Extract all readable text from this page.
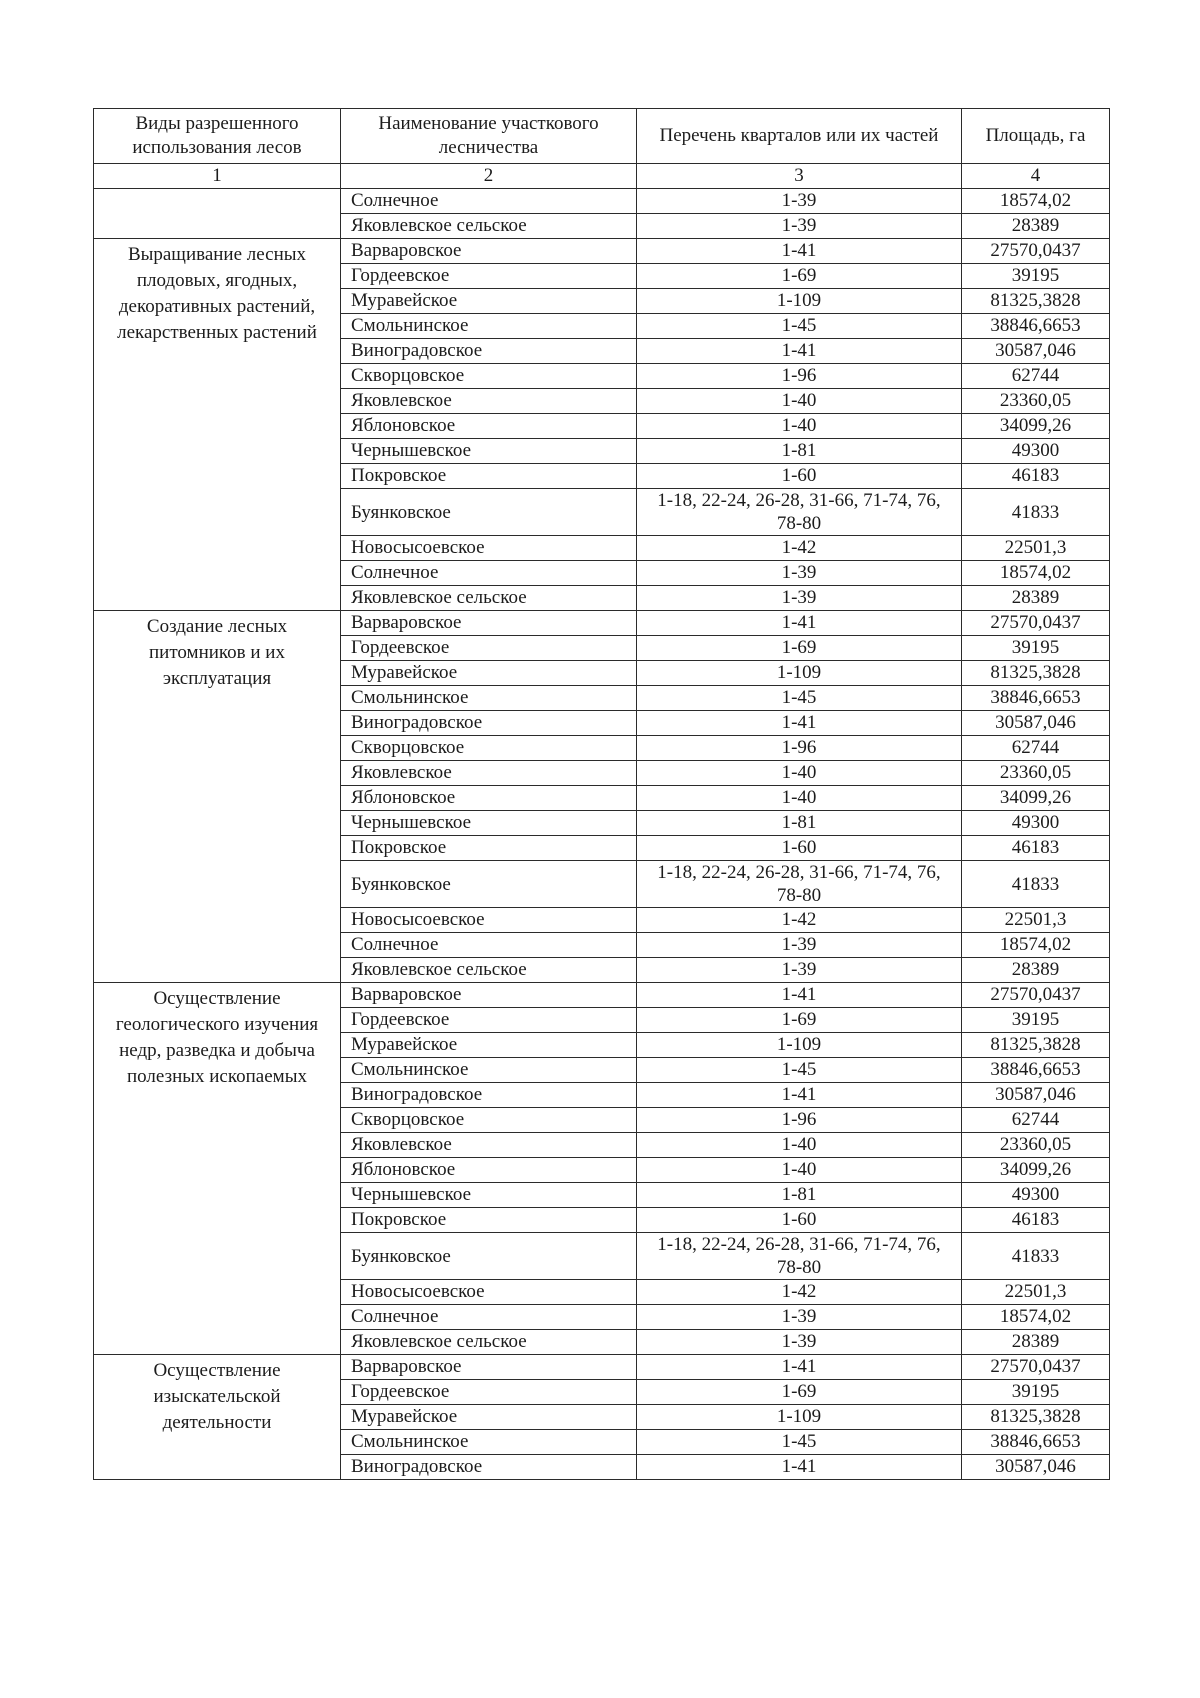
Виды разрешенного использования лесов	Наименование участкового лесничества	Перечень кварталов или их частей	Площадь, га
1	2	3	4
	Солнечное	1-39	18574,02
	Яковлевское сельское	1-39	28389
Выращивание лесных плодовых, ягодных, декоративных растений, лекарственных растений	Варваровское	1-41	27570,0437
	Гордеевское	1-69	39195
	Муравейское	1-109	81325,3828
	Смольнинское	1-45	38846,6653
	Виноградовское	1-41	30587,046
	Скворцовское	1-96	62744
	Яковлевское	1-40	23360,05
	Яблоновское	1-40	34099,26
	Чернышевское	1-81	49300
	Покровское	1-60	46183
	Буянковское	1-18, 22-24, 26-28, 31-66, 71-74, 76, 78-80	41833
	Новосысоевское	1-42	22501,3
	Солнечное	1-39	18574,02
	Яковлевское сельское	1-39	28389
Создание лесных питомников и их эксплуатация	Варваровское	1-41	27570,0437
	Гордеевское	1-69	39195
	Муравейское	1-109	81325,3828
	Смольнинское	1-45	38846,6653
	Виноградовское	1-41	30587,046
	Скворцовское	1-96	62744
	Яковлевское	1-40	23360,05
	Яблоновское	1-40	34099,26
	Чернышевское	1-81	49300
	Покровское	1-60	46183
	Буянковское	1-18, 22-24, 26-28, 31-66, 71-74, 76, 78-80	41833
	Новосысоевское	1-42	22501,3
	Солнечное	1-39	18574,02
	Яковлевское сельское	1-39	28389
Осуществление геологического изучения недр, разведка и добыча полезных ископаемых	Варваровское	1-41	27570,0437
	Гордеевское	1-69	39195
	Муравейское	1-109	81325,3828
	Смольнинское	1-45	38846,6653
	Виноградовское	1-41	30587,046
	Скворцовское	1-96	62744
	Яковлевское	1-40	23360,05
	Яблоновское	1-40	34099,26
	Чернышевское	1-81	49300
	Покровское	1-60	46183
	Буянковское	1-18, 22-24, 26-28, 31-66, 71-74, 76, 78-80	41833
	Новосысоевское	1-42	22501,3
	Солнечное	1-39	18574,02
	Яковлевское сельское	1-39	28389
Осуществление изыскательской деятельности	Варваровское	1-41	27570,0437
	Гордеевское	1-69	39195
	Муравейское	1-109	81325,3828
	Смольнинское	1-45	38846,6653
	Виноградовское	1-41	30587,046
